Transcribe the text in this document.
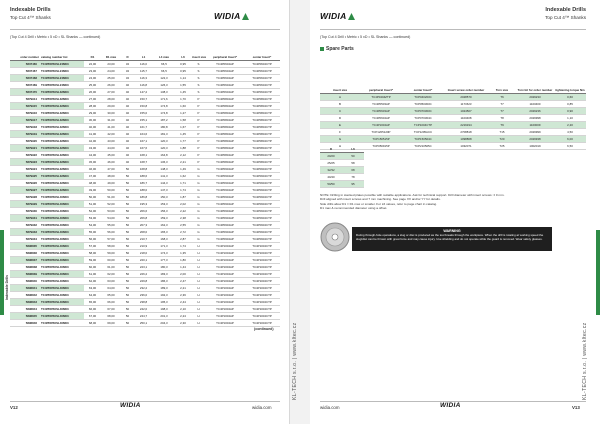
Indexable Drills
Top Cut 4™ Shanks	WIDIA
(Top Cut 4 Drill • Metric • 5 xD • SL Shanks — continued)
order number	catalog number list	D1	D1 max	D	L1	L4 max	L6	insert size	peripheral Insert*	center Insert*
5837460	TC4PDR5XSL24M03	22,00	23,00	32	116,0	66,5	0,95	S	TC4P0604AP	TC4P0604CTP
5837467	TC4PDR5XSL24M03	23,00	24,00	32	115,7	66,5	0,95	S	TC4P0604AP	TC4P0604CTP
5837468	TC4PDR5XSL24M03	24,00	25,00	32	116,3	122,3	1,14	S	TC4P0604AP	TC4P0604CTP
5837469	TC4PDR5XSL24M03	25,00	26,00	40	116,8	126,3	1,55	S	TC4P0604AP	TC4P0604CTP
5837470	TC4PDR5XSL32M03	26,00	27,00	40	147,2	138,3	1,45	S	TC4P0604AP	TC4P0604CTP
5879914	TC4PDR5XSL32M03	27,00	28,00	40	150,7	171,6	1,70	P	TC4P0804AP	TC4P0804CTP
5879915	TC4PDR5XSL32M03	28,00	29,00	40	150,8	174,8	1,60	P	TC4P0804AP	TC4P0804CTP
5879916	TC4PDR5XSL32M03	29,00	30,00	40	155,0	174,8	1,27	P	TC4P0804AP	TC4P0804CTP
5879917	TC4PDR5XSL32M03	30,00	31,00	40	155,1	187,2	1,58	P	TC4P0804AP	TC4P0804CTP
5879918	TC4PDR5XSL32M03	40,00	41,00	40	161,7	180,8	1,67	P	TC4P0804AP	TC4P0804CTP
5879919	TC4PDR5XSL32M03	41,00	42,00	40	164,6	181,3	1,45	P	TC4P0804AP	TC4P0804CTP
5879920	TC4PDR5XSL32M03	42,00	43,00	40	167,1	120,3	1,77	P	TC4P0804AP	TC4P0804CTP
5879921	TC4PDR5XSL32M03	43,00	44,00	40	167,6	120,3	1,88	P	TC4P0804AP	TC4P0804CTP
5879922	TC4PDR5XSL32M03	44,00	45,00	40	168,1	164,8	2,12	P	TC4P0804AP	TC4P0804CTP
5879923	TC4PDR5XSL32M03	45,00	46,00	40	168,7	136,3	2,21	P	TC4P0804AP	TC4P0804CTP
5879924	TC4PDR5XSL32M03	46,00	47,00	50	168,8	148,3	1,49	G	TC4P0904AP	TC4P0904CTP
5879925	TC4PDR5XSL32M03	47,00	48,00	50	188,6	141,3	1,62	G	TC4P0904AP	TC4P0904CTP
5879926	TC4PDR5XSL32M03	48,00	49,00	50	186,7	144,3	1,71	G	TC4P0904AP	TC4P0904CTP
5879927	TC4PDR5XSL32M03	49,00	50,00	50	188,0	147,3	1,74	G	TC4P0904AP	TC4P0904CTP
5879928	TC4PDR5XSL40M03	50,00	51,00	50	186,8	150,3	1,87	G	TC4P0904AP	TC4P0904CTP
5879929	TC4PDR5XSL40M03	51,00	52,00	50	195,3	153,3	2,02	G	TC4P0904AP	TC4P0904CTP
5879930	TC4PDR5XSL40M03	52,00	53,00	50	206,6	156,3	2,22	G	TC4P0904AP	TC4P0904CTP
5879931	TC4PDR5XSL40M03	53,00	54,00	50	206,8	159,3	2,38	G	TC4P0904AP	TC4P0904CTP
5879932	TC4PDR5XSL40M03	54,00	55,00	50	207,3	162,3	2,55	G	TC4P0904AP	TC4P0904CTP
5879933	TC4PDR5XSL40M03	55,00	56,00	50	208,0	165,3	2,72	G	TC4P0904AP	TC4P0904CTP
5879934	TC4PDR5XSL40M03	56,00	57,00	50	210,7	168,3	2,87	G	TC4P0904AP	TC4P0904CTP
5896835	TC4PDR5XSL40M03	57,00	58,00	50	210,9	171,3	1,74	H	TC4P1004AP	TC4P1004CTP
5896836	TC4PDR5XSL40M03	58,00	59,00	50	218,0	174,3	1,35	H	TC4P1004AP	TC4P1004CTP
5896837	TC4PDR5XSL40M03	59,00	60,00	50	220,1	177,3	1,80	H	TC4P1004AP	TC4P1004CTP
5896838	TC4PDR5XSL40M03	60,00	61,00	50	223,1	180,3	1,44	H	TC4P1004AP	TC4P1004CTP
5896839	TC4PDR5XSL40M03	61,00	62,00	50	226,2	183,3	2,00	H	TC4P1004AP	TC4P1004CTP
5896840	TC4PDR5XSL40M03	62,00	63,00	50	229,8	186,3	2,47	H	TC4P1004AP	TC4P1004CTP
5896841	TC4PDR5XSL40M03	63,00	64,00	50	232,2	189,3	2,21	H	TC4P1004AP	TC4P1004CTP
5896842	TC4PDR5XSL40M03	64,00	65,00	50	236,0	192,3	2,36	H	TC4P1004AP	TC4P1004CTP
5896843	TC4PDR5XSL40M03	65,00	66,00	50	238,8	195,3	2,44	H	TC4P1004AP	TC4P1004CTP
5896844	TC4PDR5XSL40M03	66,00	67,00	50	242,0	198,3	2,10	H	TC4P1004AP	TC4P1004CTP
5896845	TC4PDR5XSL40M03	67,00	68,00	50	244,7	201,3	2,24	H	TC4P1004AP	TC4P1004CTP
5896846	TC4PDR5XSL40M03	68,00	69,00	50	250,1	204,3	2,30	H	TC4P1004AP	TC4P1004CTP
(continued)
Indexable Drills
V12	WIDIA	widia.com
KL-TECH s.r.o. | www.kltec.cz
WIDIA
Indexable Drills
Top Cut 4™ Shanks
(Top Cut 4 Drill • Metric • 5 xD • SL Shanks — continued)
Spare Parts
insert size	peripheral Insert*	center Insert*	Insert screw order number	Torx size	Torx bit for order number	tightening torque Nm
A	TC4P0404ZTP	TCP040203C	2028570	T6	2029233	0,60
B	TC4P0503AP	TCP050303C	1171523	T7	1100400	0,85
C	TC4P0603AP	TCP070303C	1024507	T7	2029236	0,90
D	TC4P0604AP	TCP070304C	1100408	T8	2029998	1,10
E	TC4P1004AP	TCP1004CTP	2219194	T9	1100009	2,20
F	TCP1205120P	TCP1205ACC	2708818	T15	2029999	4,50
G	TCP150515P	TCP150504C	1098868	T20	2029938	6,00
H	TCP050915P	TCP210505C	1032071	T25	1002019	6,50
D	L6
20/20	50
25/25	58
32/32	68
40/40	78
50/50	95
NOTE: Drilling in stacked plates possible with suitable applications. Ask for technical support. Drill diameter with insert screws: ± 0 mm.
Drill aligned with insert screws and 7 mm machining. See page XX and/or YY for details.
Side drills allow D1 = D1 max or smaller. For L6 values, refer to page chart in catalog.
D1 max & recommended diameter using a offset.
WARNING
During through-hole operations, a slug or disc is produced as the tool breaks through the workpiece. When the drill is rotating at working speed the slug/disc can be thrown with great force and may cause injury. Use shielding and do not operate while the guard is removed. Wear safety glasses.
widia.com	WIDIA	V13
KL-TECH s.r.o. | www.kltec.cz
